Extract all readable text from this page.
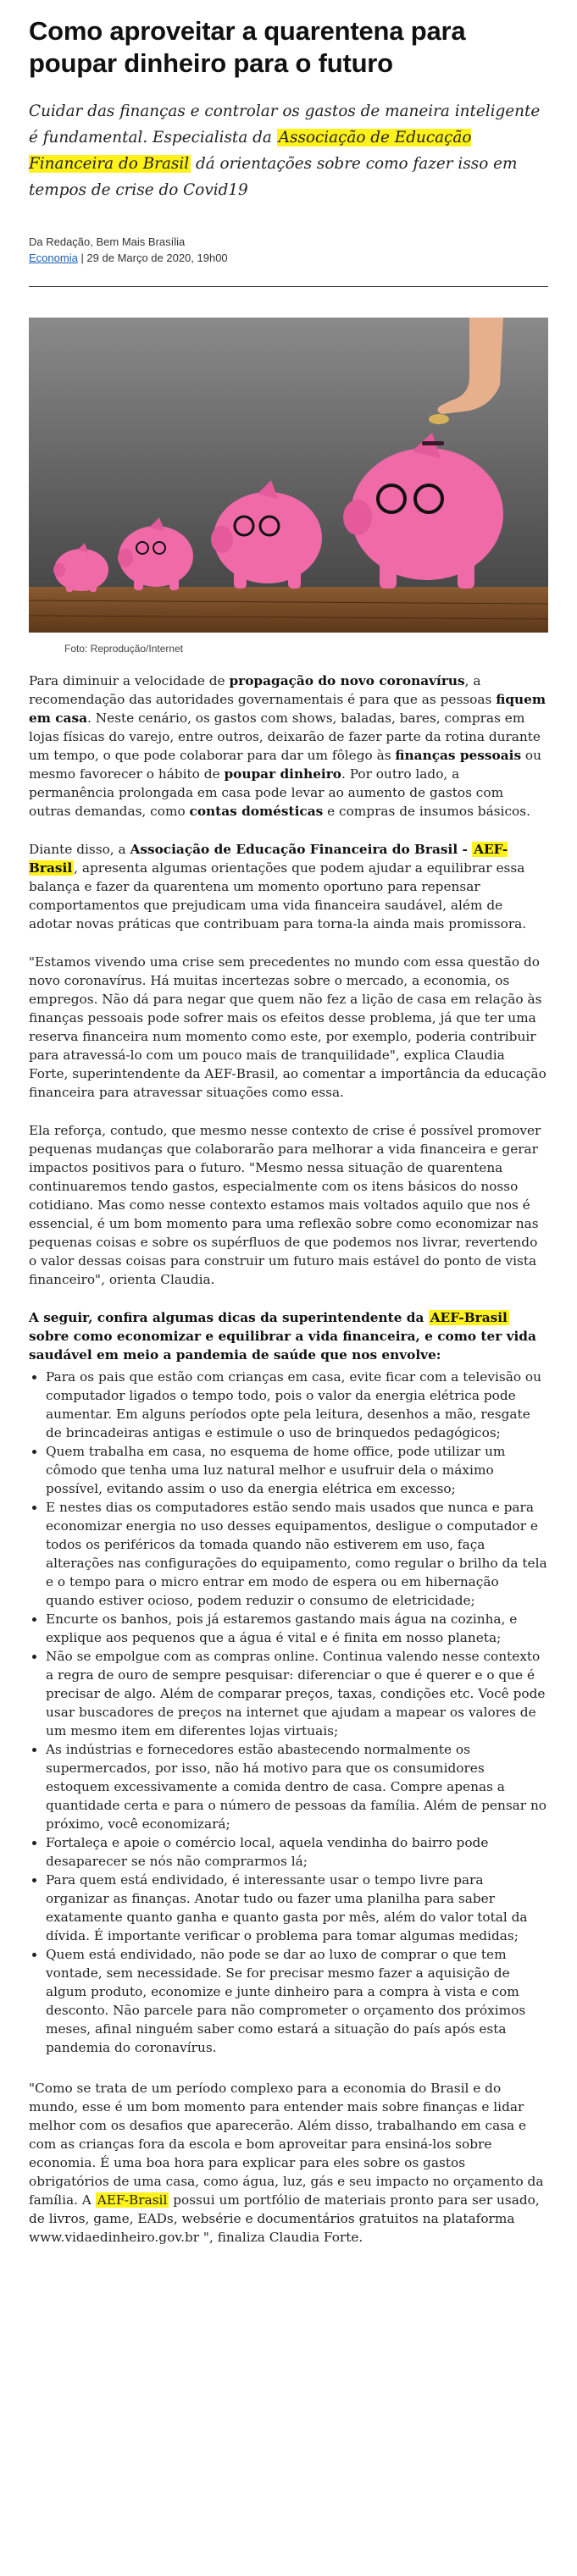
Como aproveitar a quarentena para poupar dinheiro para o futuro

Cuidar das finanças e controlar os gastos de maneira inteligente é fundamental. Especialista da Associação de Educação Financeira do Brasil dá orientações sobre como fazer isso em tempos de crise do Covid19

Da Redação, Bem Mais Brasília
Economia | 29 de Março de 2020, 19h00
Foto: Reprodução/Internet

Para diminuir a velocidade de propagação do novo coronavírus, a recomendação das autoridades governamentais é para que as pessoas fiquem em casa. Neste cenário, os gastos com shows, baladas, bares, compras em lojas físicas do varejo, entre outros, deixarão de fazer parte da rotina durante um tempo, o que pode colaborar para dar um fôlego às finanças pessoais ou mesmo favorecer o hábito de poupar dinheiro. Por outro lado, a permanência prolongada em casa pode levar ao aumento de gastos com outras demandas, como contas domésticas e compras de insumos básicos.

Diante disso, a Associação de Educação Financeira do Brasil - AEF-Brasil , apresenta algumas orientações que podem ajudar a equilibrar essa balança e fazer da quarentena um momento oportuno para repensar comportamentos que prejudicam uma vida financeira saudável, além de adotar novas práticas que contribuam para torna-la ainda mais promissora.

"Estamos vivendo uma crise sem precedentes no mundo com essa questão do novo coronavírus. Há muitas incertezas sobre o mercado, a economia, os empregos. Não dá para negar que quem não fez a lição de casa em relação às finanças pessoais pode sofrer mais os efeitos desse problema, já que ter uma reserva financeira num momento como este, por exemplo, poderia contribuir para atravessá-lo com um pouco mais de tranquilidade", explica Claudia Forte, superintendente da AEF-Brasil, ao comentar a importância da educação financeira para atravessar situações como essa.

Ela reforça, contudo, que mesmo nesse contexto de crise é possível promover pequenas mudanças que colaborarão para melhorar a vida financeira e gerar impactos positivos para o futuro. "Mesmo nessa situação de quarentena continuaremos tendo gastos, especialmente com os itens básicos do nosso cotidiano. Mas como nesse contexto estamos mais voltados aquilo que nos é essencial, é um bom momento para uma reflexão sobre como economizar nas pequenas coisas e sobre os supérfluos de que podemos nos livrar, revertendo o valor dessas coisas para construir um futuro mais estável do ponto de vista financeiro", orienta Claudia.

A seguir, confira algumas dicas da superintendente da AEF-Brasil sobre como economizar e equilibrar a vida financeira, e como ter vida saudável em meio a pandemia de saúde que nos envolve:
• Para os pais que estão com crianças em casa, evite ficar com a televisão ou computador ligados o tempo todo, pois o valor da energia elétrica pode aumentar. Em alguns períodos opte pela leitura, desenhos a mão, resgate de brincadeiras antigas e estimule o uso de brinquedos pedagógicos;
• Quem trabalha em casa, no esquema de home office, pode utilizar um cômodo que tenha uma luz natural melhor e usufruir dela o máximo possível, evitando assim o uso da energia elétrica em excesso;
• E nestes dias os computadores estão sendo mais usados que nunca e para economizar energia no uso desses equipamentos, desligue o computador e todos os periféricos da tomada quando não estiverem em uso, faça alterações nas configurações do equipamento, como regular o brilho da tela e o tempo para o micro entrar em modo de espera ou em hibernação quando estiver ocioso, podem reduzir o consumo de eletricidade;
• Encurte os banhos, pois já estaremos gastando mais água na cozinha, e explique aos pequenos que a água é vital e é finita em nosso planeta;
• Não se empolgue com as compras online. Continua valendo nesse contexto a regra de ouro de sempre pesquisar: diferenciar o que é querer e o que é precisar de algo. Além de comparar preços, taxas, condições etc. Você pode usar buscadores de preços na internet que ajudam a mapear os valores de um mesmo item em diferentes lojas virtuais;
• As indústrias e fornecedores estão abastecendo normalmente os supermercados, por isso, não há motivo para que os consumidores estoquem excessivamente a comida dentro de casa. Compre apenas a quantidade certa e para o número de pessoas da família. Além de pensar no próximo, você economizará;
• Fortaleça e apoie o comércio local, aquela vendinha do bairro pode desaparecer se nós não comprarmos lá;
• Para quem está endividado, é interessante usar o tempo livre para organizar as finanças. Anotar tudo ou fazer uma planilha para saber exatamente quanto ganha e quanto gasta por mês, além do valor total da dívida. É importante verificar o problema para tomar algumas medidas;
• Quem está endividado, não pode se dar ao luxo de comprar o que tem vontade, sem necessidade. Se for precisar mesmo fazer a aquisição de algum produto, economize e junte dinheiro para a compra à vista e com desconto. Não parcele para não comprometer o orçamento dos próximos meses, afinal ninguém saber como estará a situação do país após esta pandemia do coronavírus.

"Como se trata de um período complexo para a economia do Brasil e do mundo, esse é um bom momento para entender mais sobre finanças e lidar melhor com os desafios que aparecerão. Além disso, trabalhando em casa e com as crianças fora da escola e bom aproveitar para ensiná-los sobre economia. É uma boa hora para explicar para eles sobre os gastos obrigatórios de uma casa, como água, luz, gás e seu impacto no orçamento da família. A AEF-Brasil possui um portfólio de materiais pronto para ser usado, de livros, game, EADs, websérie e documentários gratuitos na plataforma www.vidaedinheiro.gov.br ", finaliza Claudia Forte.
